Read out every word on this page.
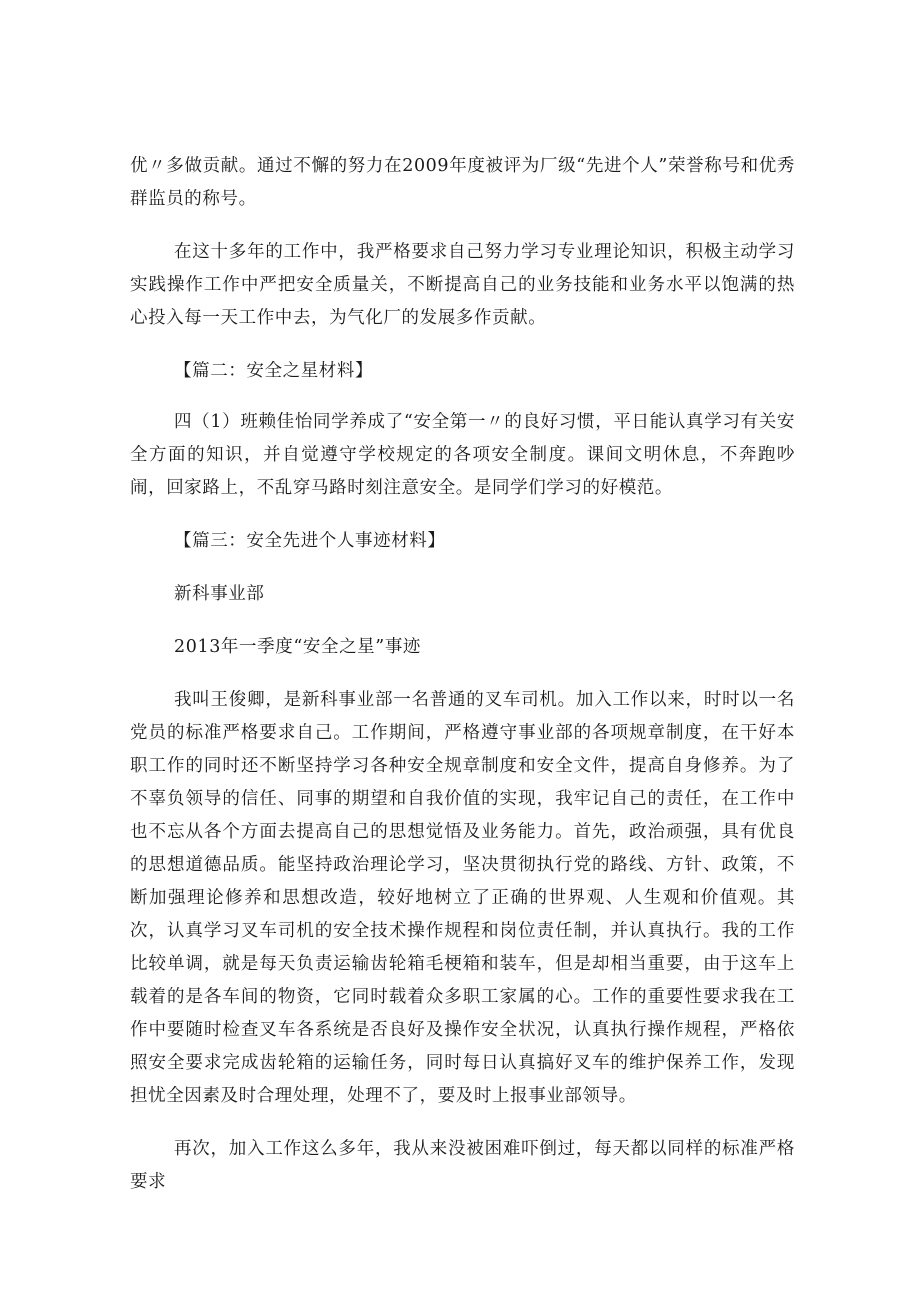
优〃多做贡献。通过不懈的努力在2009年度被评为厂级“先进个人”荣誉称号和优秀群监员的称号。

在这十多年的工作中，我严格要求自己努力学习专业理论知识，积极主动学习实践操作工作中严把安全质量关，不断提高自己的业务技能和业务水平以饱满的热心投入每一天工作中去，为气化厂的发展多作贡献。

【篇二：安全之星材料】

四（1）班赖佳怡同学养成了“安全第一〃的良好习惯，平日能认真学习有关安全方面的知识，并自觉遵守学校规定的各项安全制度。课间文明休息，不奔跑吵闹，回家路上，不乱穿马路时刻注意安全。是同学们学习的好模范。

【篇三：安全先进个人事迹材料】

新科事业部

2013年一季度“安全之星”事迹

我叫王俊卿，是新科事业部一名普通的叉车司机。加入工作以来，时时以一名党员的标准严格要求自己。工作期间，严格遵守事业部的各项规章制度，在干好本职工作的同时还不断坚持学习各种安全规章制度和安全文件，提高自身修养。为了不辜负领导的信任、同事的期望和自我价值的实现，我牢记自己的责任，在工作中也不忘从各个方面去提高自己的思想觉悟及业务能力。首先，政治顽强，具有优良的思想道德品质。能坚持政治理论学习，坚决贯彻执行党的路线、方针、政策，不断加强理论修养和思想改造，较好地树立了正确的世界观、人生观和价值观。其次，认真学习叉车司机的安全技术操作规程和岗位责任制，并认真执行。我的工作比较单调，就是每天负责运输齿轮箱毛梗箱和装车，但是却相当重要，由于这车上载着的是各车间的物资，它同时载着众多职工家属的心。工作的重要性要求我在工作中要随时检查叉车各系统是否良好及操作安全状况，认真执行操作规程，严格依照安全要求完成齿轮箱的运输任务，同时每日认真搞好叉车的维护保养工作，发现担忧全因素及时合理处理，处理不了，要及时上报事业部领导。

再次，加入工作这么多年，我从来没被困难吓倒过，每天都以同样的标准严格要求
